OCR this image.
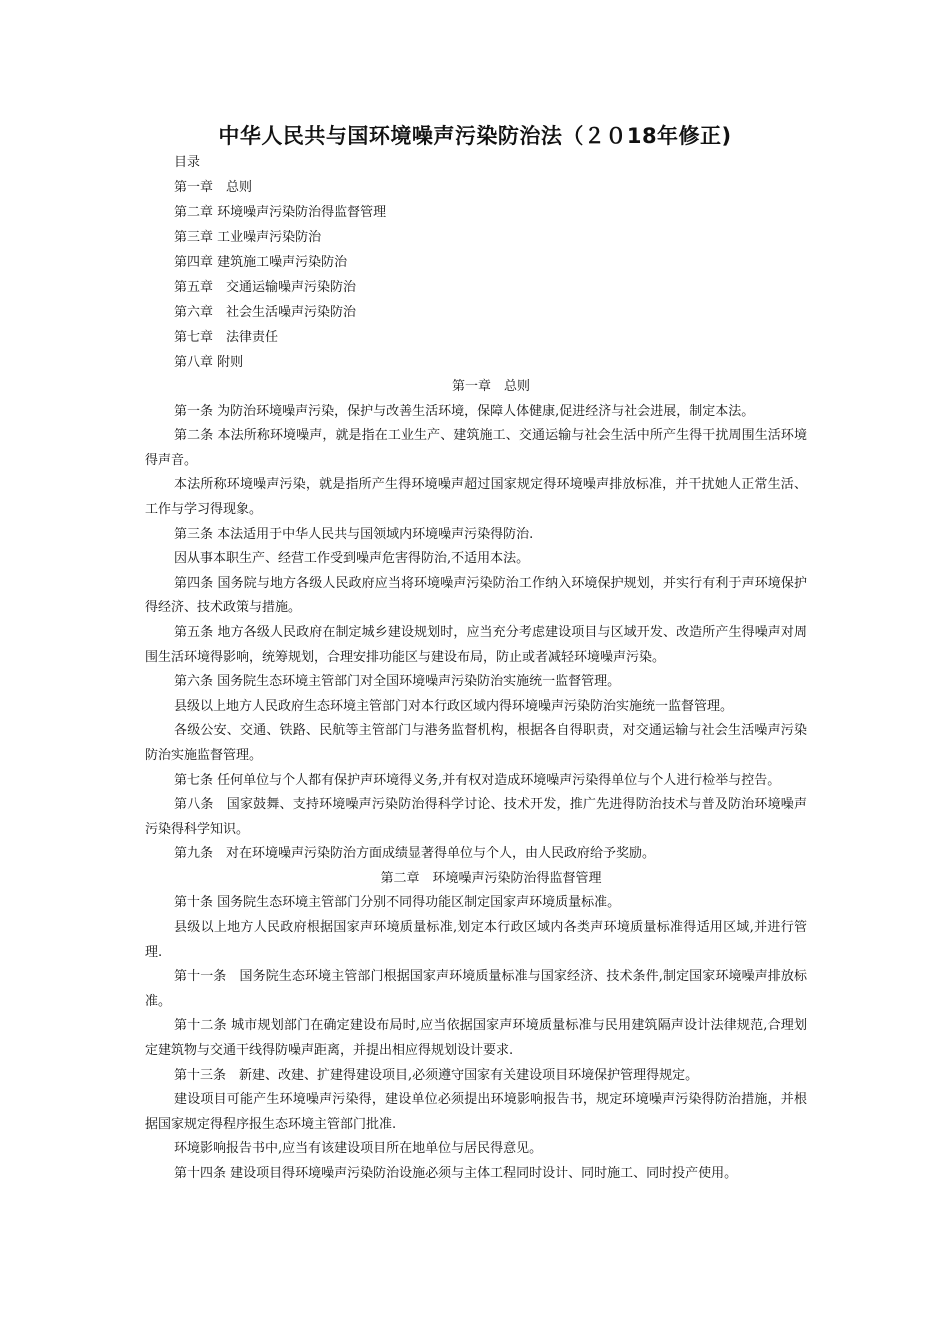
中华人民共与国环境噪声污染防治法（２０18年修正)
目录
第一章　总则
第二章 环境噪声污染防治得监督管理
第三章 工业噪声污染防治
第四章 建筑施工噪声污染防治
第五章　交通运输噪声污染防治
第六章　社会生活噪声污染防治
第七章　法律责任
第八章 附则

第一章　总则

第一条 为防治环境噪声污染，保护与改善生活环境，保障人体健康,促进经济与社会进展，制定本法。

第二条 本法所称环境噪声，就是指在工业生产、建筑施工、交通运输与社会生活中所产生得干扰周围生活环境得声音。

本法所称环境噪声污染，就是指所产生得环境噪声超过国家规定得环境噪声排放标准，并干扰她人正常生活、工作与学习得现象。

第三条 本法适用于中华人民共与国领域内环境噪声污染得防治.

因从事本职生产、经营工作受到噪声危害得防治,不适用本法。

第四条 国务院与地方各级人民政府应当将环境噪声污染防治工作纳入环境保护规划，并实行有利于声环境保护得经济、技术政策与措施。

第五条 地方各级人民政府在制定城乡建设规划时，应当充分考虑建设项目与区域开发、改造所产生得噪声对周围生活环境得影响，统筹规划，合理安排功能区与建设布局，防止或者减轻环境噪声污染。

第六条 国务院生态环境主管部门对全国环境噪声污染防治实施统一监督管理。

县级以上地方人民政府生态环境主管部门对本行政区域内得环境噪声污染防治实施统一监督管理。

各级公安、交通、铁路、民航等主管部门与港务监督机构，根据各自得职责，对交通运输与社会生活噪声污染防治实施监督管理。

第七条 任何单位与个人都有保护声环境得义务,并有权对造成环境噪声污染得单位与个人进行检举与控告。

第八条　国家鼓舞、支持环境噪声污染防治得科学讨论、技术开发，推广先进得防治技术与普及防治环境噪声污染得科学知识。

第九条　对在环境噪声污染防治方面成绩显著得单位与个人，由人民政府给予奖励。

第二章　环境噪声污染防治得监督管理

第十条 国务院生态环境主管部门分别不同得功能区制定国家声环境质量标准。

县级以上地方人民政府根据国家声环境质量标准,划定本行政区域内各类声环境质量标准得适用区域,并进行管理.

第十一条　国务院生态环境主管部门根据国家声环境质量标准与国家经济、技术条件,制定国家环境噪声排放标准。

第十二条 城市规划部门在确定建设布局时,应当依据国家声环境质量标准与民用建筑隔声设计法律规范,合理划定建筑物与交通干线得防噪声距离，并提出相应得规划设计要求.

第十三条　新建、改建、扩建得建设项目,必须遵守国家有关建设项目环境保护管理得规定。

建设项目可能产生环境噪声污染得，建设单位必须提出环境影响报告书，规定环境噪声污染得防治措施，并根据国家规定得程序报生态环境主管部门批准.

环境影响报告书中,应当有该建设项目所在地单位与居民得意见。

第十四条 建设项目得环境噪声污染防治设施必须与主体工程同时设计、同时施工、同时投产使用。
